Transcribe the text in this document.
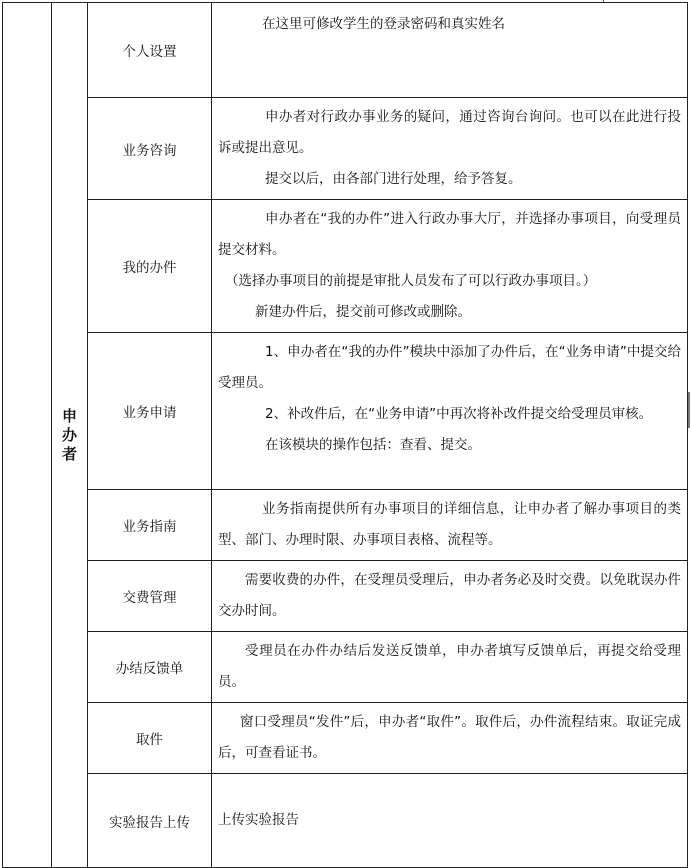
	申办者	个人设置	在这里可修改学生的登录密码和真实姓名

		业务咨询	申办者对行政办事业务的疑问，通过咨询台询问。也可以在此进行投诉或提出意见。

提交以后，由各部门进行处理，给予答复。

		我的办件	申办者在“我的办件”进入行政办事大厅，并选择办事项目，向受理员提交材料。

（选择办事项目的前提是审批人员发布了可以行政办事项目。）

新建办件后，提交前可修改或删除。

		业务申请	1、申办者在“我的办件”模块中添加了办件后，在“业务申请”中提交给受理员。

2、补改件后，在“业务申请”中再次将补改件提交给受理员审核。

在该模块的操作包括：查看、提交。

		业务指南	业务指南提供所有办事项目的详细信息，让申办者了解办事项目的类型、部门、办理时限、办事项目表格、流程等。

		交费管理	需要收费的办件，在受理员受理后，申办者务必及时交费。以免耽误办件交办时间。

		办结反馈单	受理员在办件办结后发送反馈单，申办者填写反馈单后，再提交给受理员。

		取件	窗口受理员“发件”后，申办者“取件”。取件后，办件流程结束。取证完成后，可查看证书。

		实验报告上传	上传实验报告
